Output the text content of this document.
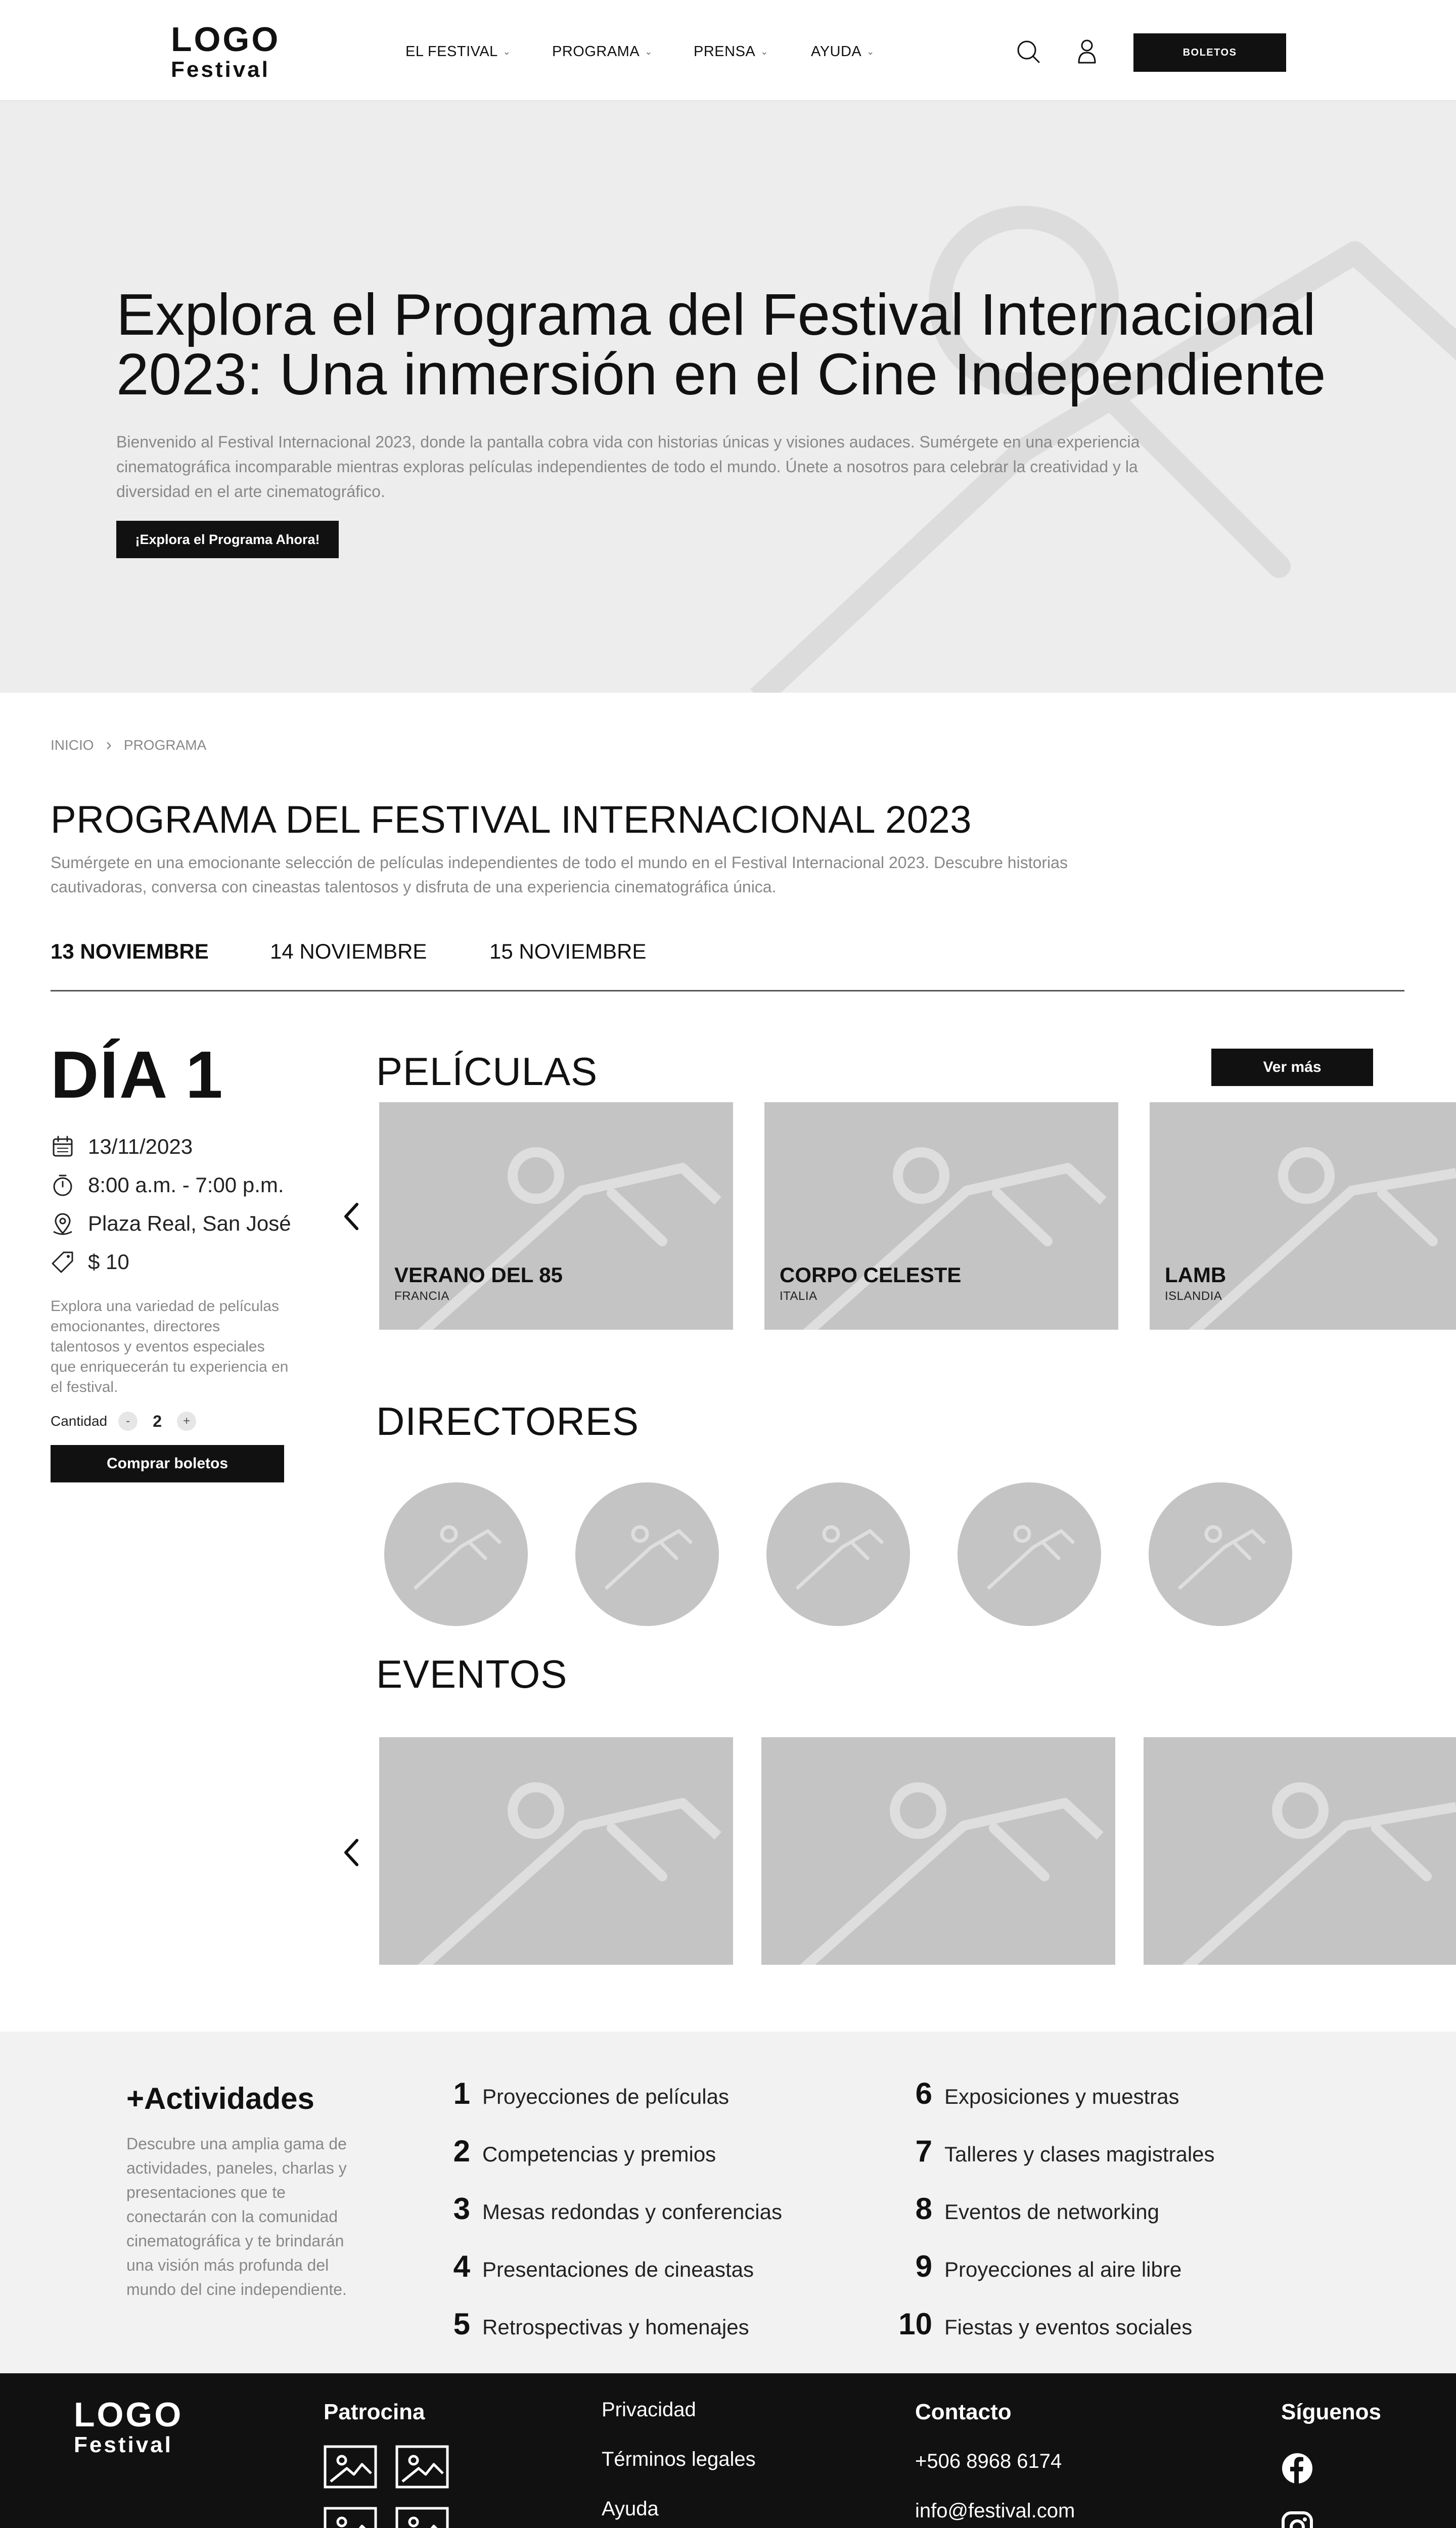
LOGO
Festival
EL FESTIVAL ⌄	PROGRAMA ⌄	PRENSA ⌄	AYUDA ⌄	BOLETOS
Explora el Programa del Festival Internacional 2023: Una inmersión en el Cine Independiente

Bienvenido al Festival Internacional 2023, donde la pantalla cobra vida con historias únicas y visiones audaces. Sumérgete en una experiencia cinematográfica incomparable mientras exploras películas independientes de todo el mundo. Únete a nosotros para celebrar la creatividad y la diversidad en el arte cinematográfico.

¡Explora el Programa Ahora!
INICIO › PROGRAMA
PROGRAMA DEL FESTIVAL INTERNACIONAL 2023

Sumérgete en una emocionante selección de películas independientes de todo el mundo en el Festival Internacional 2023. Descubre historias cautivadoras, conversa con cineastas talentosos y disfruta de una experiencia cinematográfica única.

13 NOVIEMBRE	14 NOVIEMBRE	15 NOVIEMBRE
DÍA 1
13/11/2023
8:00 a.m. - 7:00 p.m.
Plaza Real, San José
$ 10

Explora una variedad de películas emocionantes, directores talentosos y eventos especiales que enriquecerán tu experiencia en el festival.

Cantidad	-	2	+
Comprar boletos
PELÍCULAS	Ver más
VERANO DEL 85
FRANCIA
CORPO CELESTE
ITALIA
LAMB
ISLANDIA
DIRECTORES
EVENTOS
+Actividades

Descubre una amplia gama de actividades, paneles, charlas y presentaciones que te conectarán con la comunidad cinematográfica y te brindarán una visión más profunda del mundo del cine independiente.

1 Proyecciones de películas
2 Competencias y premios
3 Mesas redondas y conferencias
4 Presentaciones de cineastas
5 Retrospectivas y homenajes
6 Exposiciones y muestras
7 Talleres y clases magistrales
8 Eventos de networking
9 Proyecciones al aire libre
10 Fiestas y eventos sociales
LOGO
Festival
Patrocina	Privacidad
Términos legales
Ayuda
Contacto
+506 8968 6174
info@festival.com
Síguenos
